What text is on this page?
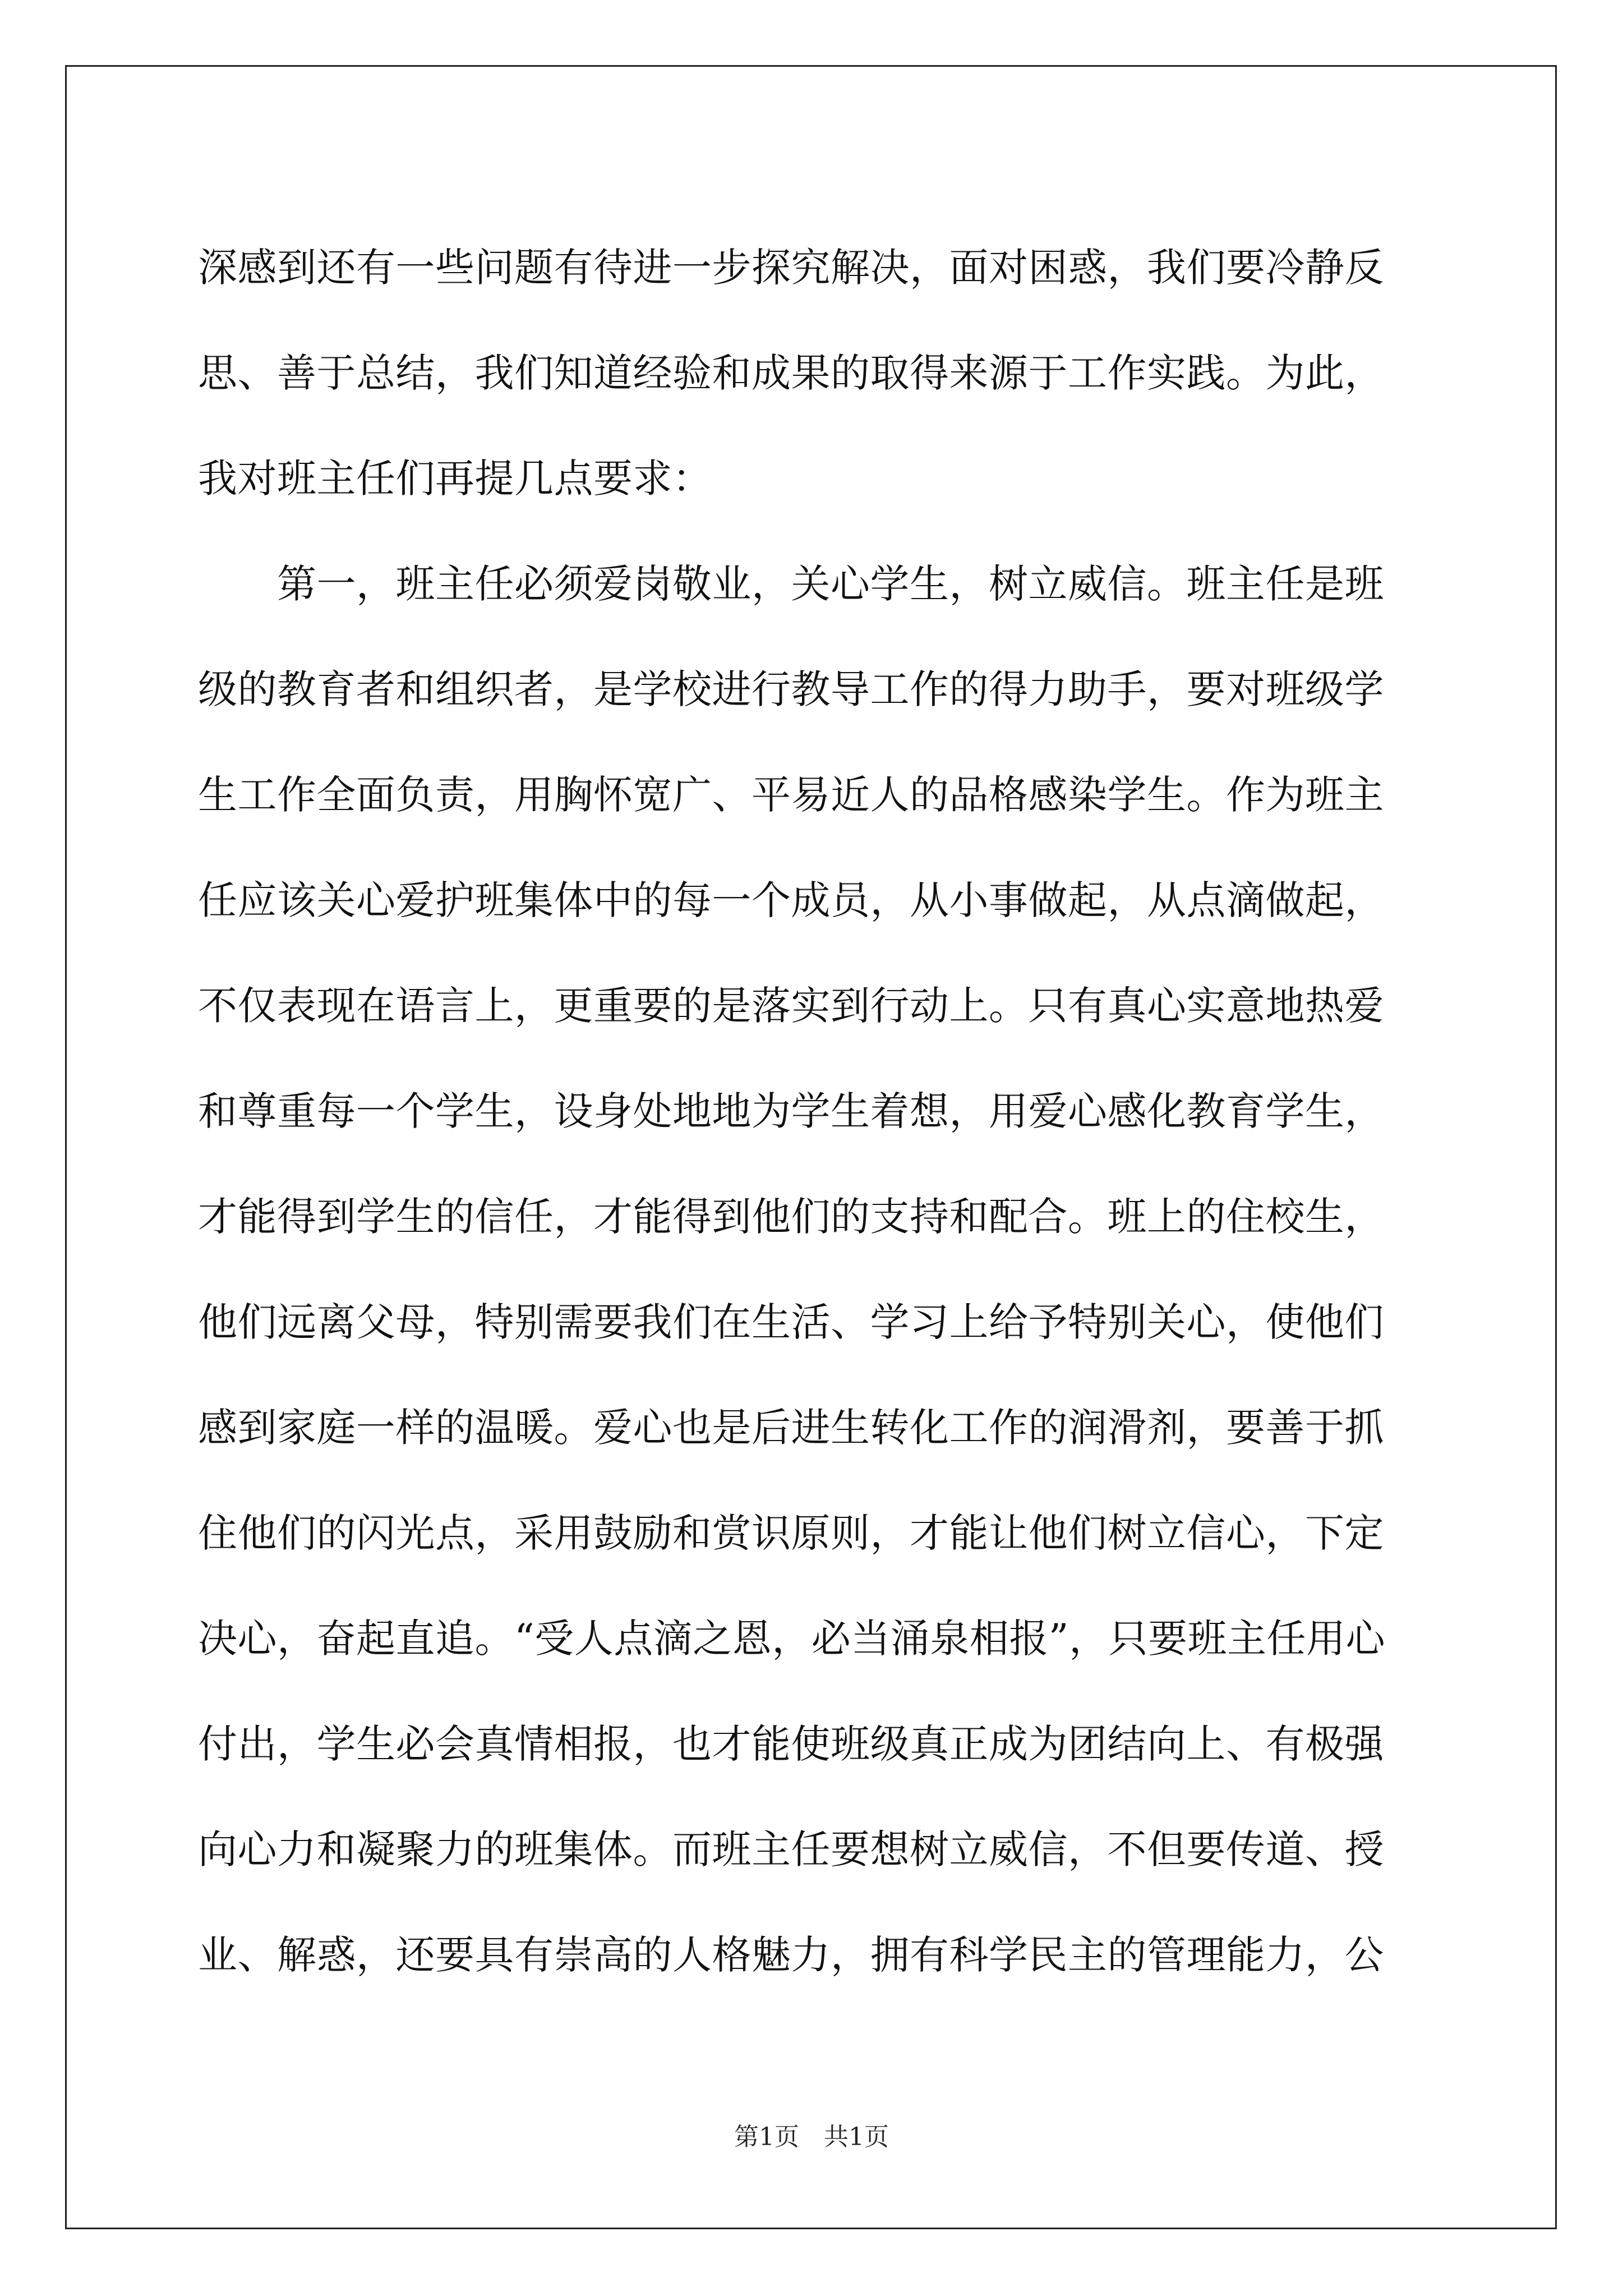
深感到还有一些问题有待进一步探究解决，面对困惑，我们要冷静反
思、善于总结，我们知道经验和成果的取得来源于工作实践。为此，
我对班主任们再提几点要求：
　　第一，班主任必须爱岗敬业，关心学生，树立威信。班主任是班
级的教育者和组织者，是学校进行教导工作的得力助手，要对班级学
生工作全面负责，用胸怀宽广、平易近人的品格感染学生。作为班主
任应该关心爱护班集体中的每一个成员，从小事做起，从点滴做起，
不仅表现在语言上，更重要的是落实到行动上。只有真心实意地热爱
和尊重每一个学生，设身处地地为学生着想，用爱心感化教育学生，
才能得到学生的信任，才能得到他们的支持和配合。班上的住校生，
他们远离父母，特别需要我们在生活、学习上给予特别关心，使他们
感到家庭一样的温暖。爱心也是后进生转化工作的润滑剂，要善于抓
住他们的闪光点，采用鼓励和赏识原则，才能让他们树立信心，下定
决心，奋起直追。“受人点滴之恩，必当涌泉相报”，只要班主任用心
付出，学生必会真情相报，也才能使班级真正成为团结向上、有极强
向心力和凝聚力的班集体。而班主任要想树立威信，不但要传道、授
业、解惑，还要具有崇高的人格魅力，拥有科学民主的管理能力，公
第1页　共1页
